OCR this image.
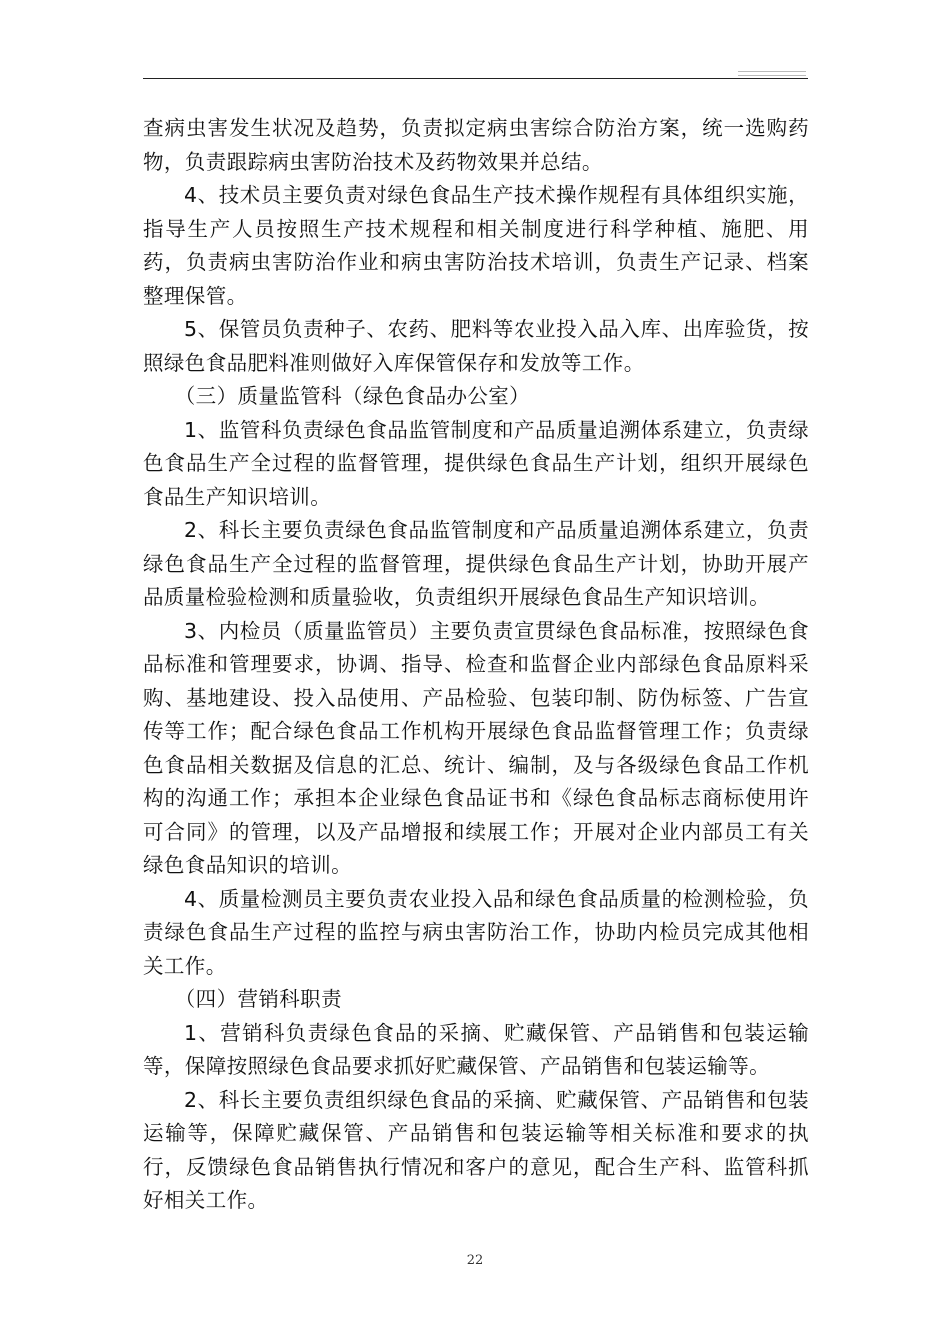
查病虫害发生状况及趋势，负责拟定病虫害综合防治方案，统一选购药物，负责跟踪病虫害防治技术及药物效果并总结。

4、技术员主要负责对绿色食品生产技术操作规程有具体组织实施，指导生产人员按照生产技术规程和相关制度进行科学种植、施肥、用药，负责病虫害防治作业和病虫害防治技术培训，负责生产记录、档案整理保管。

5、保管员负责种子、农药、肥料等农业投入品入库、出库验货，按照绿色食品肥料准则做好入库保管保存和发放等工作。

（三）质量监管科（绿色食品办公室）

1、监管科负责绿色食品监管制度和产品质量追溯体系建立，负责绿色食品生产全过程的监督管理，提供绿色食品生产计划，组织开展绿色食品生产知识培训。

2、科长主要负责绿色食品监管制度和产品质量追溯体系建立，负责绿色食品生产全过程的监督管理，提供绿色食品生产计划，协助开展产品质量检验检测和质量验收，负责组织开展绿色食品生产知识培训。

3、内检员（质量监管员）主要负责宣贯绿色食品标准，按照绿色食品标准和管理要求，协调、指导、检查和监督企业内部绿色食品原料采购、基地建设、投入品使用、产品检验、包装印制、防伪标签、广告宣传等工作；配合绿色食品工作机构开展绿色食品监督管理工作；负责绿色食品相关数据及信息的汇总、统计、编制，及与各级绿色食品工作机构的沟通工作；承担本企业绿色食品证书和《绿色食品标志商标使用许可合同》的管理，以及产品增报和续展工作；开展对企业内部员工有关绿色食品知识的培训。

4、质量检测员主要负责农业投入品和绿色食品质量的检测检验，负责绿色食品生产过程的监控与病虫害防治工作，协助内检员完成其他相关工作。

（四）营销科职责

1、营销科负责绿色食品的采摘、贮藏保管、产品销售和包装运输等，保障按照绿色食品要求抓好贮藏保管、产品销售和包装运输等。

2、科长主要负责组织绿色食品的采摘、贮藏保管、产品销售和包装运输等，保障贮藏保管、产品销售和包装运输等相关标准和要求的执行，反馈绿色食品销售执行情况和客户的意见，配合生产科、监管科抓好相关工作。

22
